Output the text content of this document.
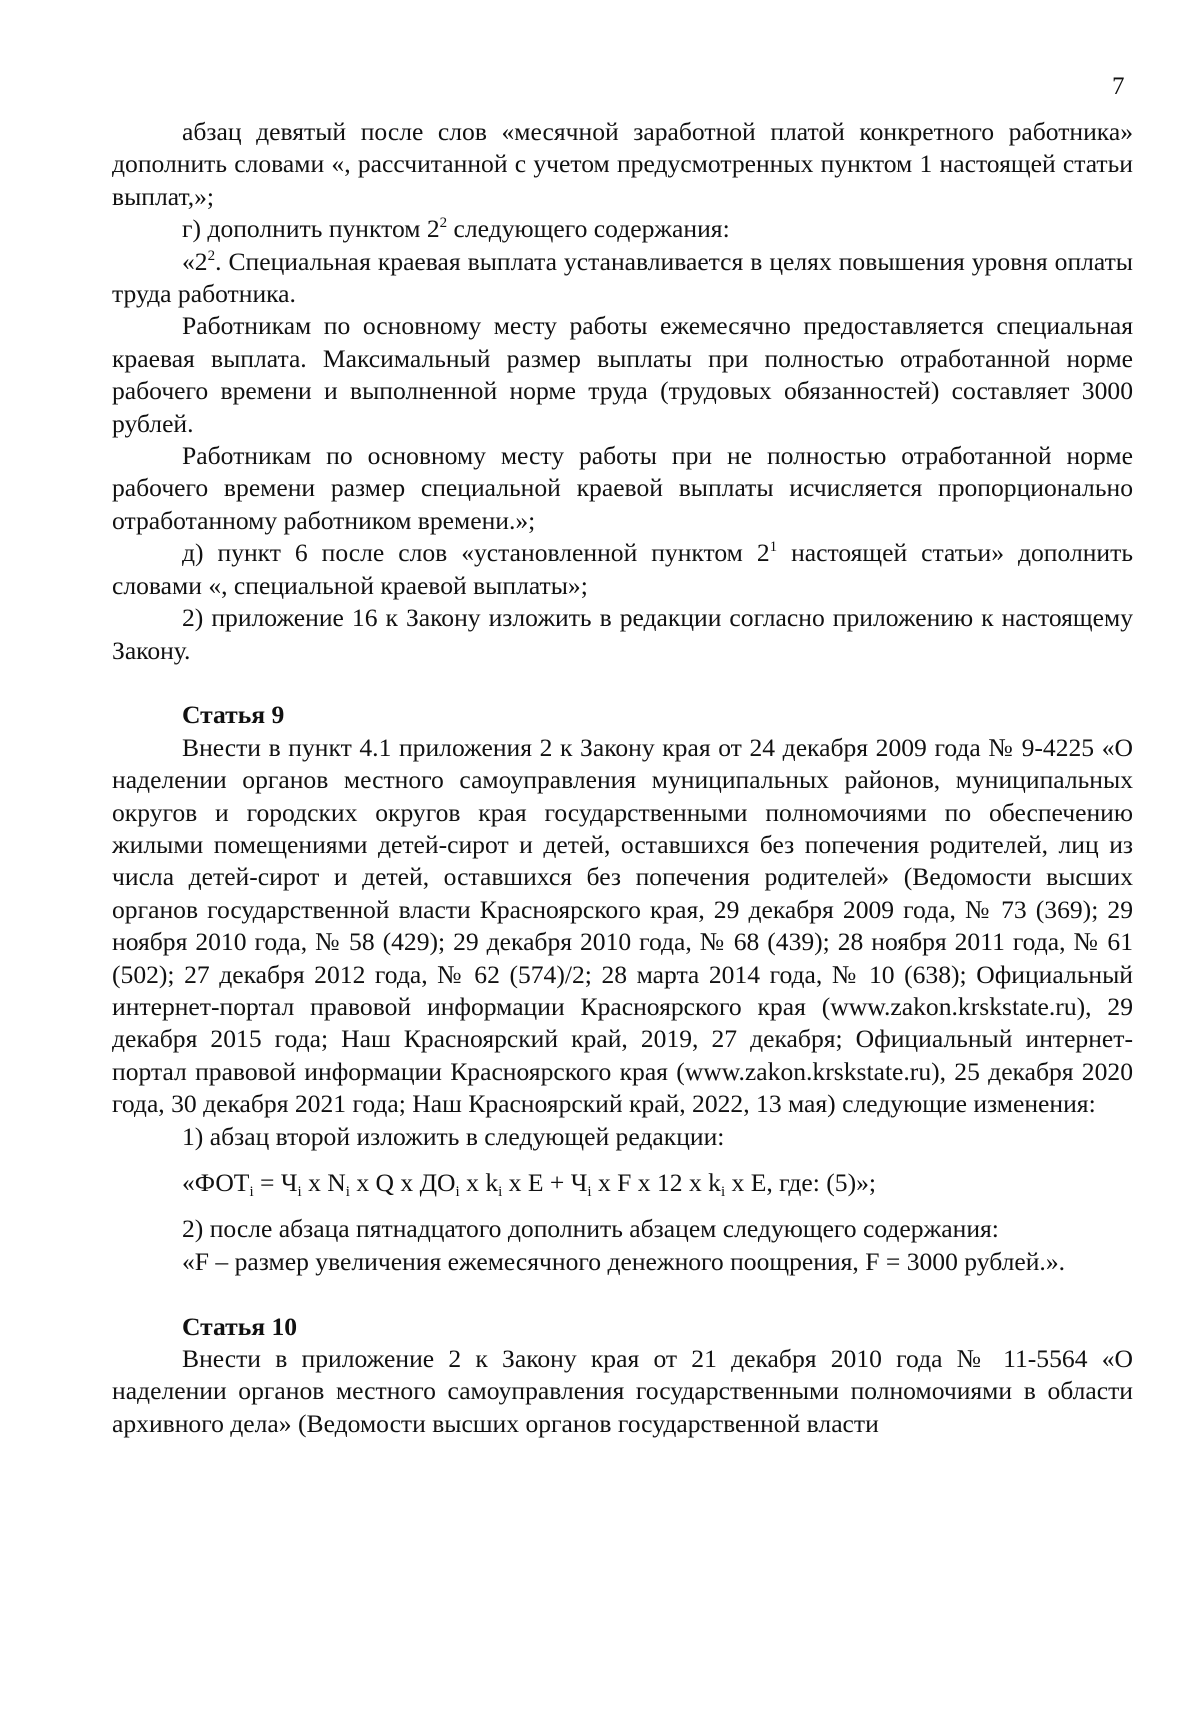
7

абзац девятый после слов «месячной заработной платой конкретного работника» дополнить словами «, рассчитанной с учетом предусмотренных пунктом 1 настоящей статьи выплат,»;

г) дополнить пунктом $2^2$ следующего содержания:

«$2^2$. Специальная краевая выплата устанавливается в целях повышения уровня оплаты труда работника.

Работникам по основному месту работы ежемесячно предоставляется специальная краевая выплата. Максимальный размер выплаты при полностью отработанной норме рабочего времени и выполненной норме труда (трудовых обязанностей) составляет 3000 рублей.

Работникам по основному месту работы при не полностью отработанной норме рабочего времени размер специальной краевой выплаты исчисляется пропорционально отработанному работником времени.»;

д) пункт 6 после слов «установленной пунктом $2^1$ настоящей статьи» дополнить словами «, специальной краевой выплаты»;

2) приложение 16 к Закону изложить в редакции согласно приложению к настоящему Закону.

Статья 9

Внести в пункт 4.1 приложения 2 к Закону края от 24 декабря 2009 года № 9-4225 «О наделении органов местного самоуправления муниципальных районов, муниципальных округов и городских округов края государственными полномочиями по обеспечению жилыми помещениями детей-сирот и детей, оставшихся без попечения родителей, лиц из числа детей-сирот и детей, оставшихся без попечения родителей» (Ведомости высших органов государственной власти Красноярского края, 29 декабря 2009 года, № 73 (369); 29 ноября 2010 года, № 58 (429); 29 декабря 2010 года, № 68 (439); 28 ноября 2011 года, № 61 (502); 27 декабря 2012 года, № 62 (574)/2; 28 марта 2014 года, № 10 (638); Официальный интернет-портал правовой информации Красноярского края (www.zakon.krskstate.ru), 29 декабря 2015 года; Наш Красноярский край, 2019, 27 декабря; Официальный интернет-портал правовой информации Красноярского края (www.zakon.krskstate.ru), 25 декабря 2020 года, 30 декабря 2021 года; Наш Красноярский край, 2022, 13 мая) следующие изменения:

1) абзац второй изложить в следующей редакции:

«$ФОТ_i = Ч_i$ x $N_i$ x Q x $ДО_i$ x $k_i$ x $E + Ч_i$ x F x 12 x $k_i$ x E, где: (5)»;

2) после абзаца пятнадцатого дополнить абзацем следующего содержания:

«F – размер увеличения ежемесячного денежного поощрения, F = 3000 рублей.».

Статья 10

Внести в приложение 2 к Закону края от 21 декабря 2010 года № 11-5564 «О наделении органов местного самоуправления государственными полномочиями в области архивного дела» (Ведомости высших органов государственной власти
